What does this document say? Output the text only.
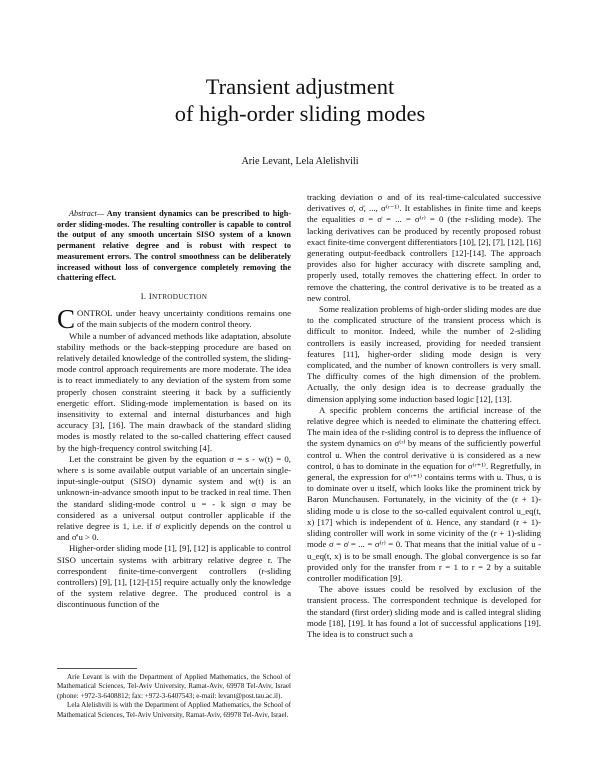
Transient adjustment
of high-order sliding modes
Arie Levant, Lela Alelishvili

Abstract— Any transient dynamics can be prescribed to high-order sliding-modes. The resulting controller is capable to control the output of any smooth uncertain SISO system of a known permanent relative degree and is robust with respect to measurement errors. The control smoothness can be deliberately increased without loss of convergence completely removing the chattering effect.

I. INTRODUCTION

CONTROL under heavy uncertainty conditions remains one of the main subjects of the modern control theory.

While a number of advanced methods like adaptation, absolute stability methods or the back-stepping procedure are based on relatively detailed knowledge of the controlled system, the sliding-mode control approach requirements are more moderate. The idea is to react immediately to any deviation of the system from some properly chosen constraint steering it back by a sufficiently energetic effort. Sliding-mode implementation is based on its insensitivity to external and internal disturbances and high accuracy [3], [16]. The main drawback of the standard sliding modes is mostly related to the so-called chattering effect caused by the high-frequency control switching [4].

Let the constraint be given by the equation σ = s - w(t) = 0, where s is some available output variable of an uncertain single-input-single-output (SISO) dynamic system and w(t) is an unknown-in-advance smooth input to be tracked in real time. Then the standard sliding-mode control u = - k sign σ may be considered as a universal output controller applicable if the relative degree is 1, i.e. if σ̇ explicitly depends on the control u and σ̇′u > 0.

Higher-order sliding mode [1], [9], [12] is applicable to control SISO uncertain systems with arbitrary relative degree r. The correspondent finite-time-convergent controllers (r-sliding controllers) [9], [1], [12]-[15] require actually only the knowledge of the system relative degree. The produced control is a discontinuous function of the

Arie Levant is with the Department of Applied Mathematics, the School of Mathematical Sciences, Tel-Aviv University, Ramat-Aviv, 69978 Tel-Aviv, Israel (phone: +972-3-6408812; fax: +972-3-6407543; e-mail: levant@post.tau.ac.il).

Lela Alelishvili is with the Department of Applied Mathematics, the School of Mathematical Sciences, Tel-Aviv University, Ramat-Aviv, 69978 Tel-Aviv, Israel.

tracking deviation σ and of its real-time-calculated successive derivatives σ̇, σ̈, ..., σ⁽ʳ⁻¹⁾. It establishes in finite time and keeps the equalities σ = σ̇ = ... = σ⁽ʳ⁾ = 0 (the r-sliding mode). The lacking derivatives can be produced by recently proposed robust exact finite-time convergent differentiators [10], [2], [7], [12], [16] generating output-feedback controllers [12]-[14]. The approach provides also for higher accuracy with discrete sampling and, properly used, totally removes the chattering effect. In order to remove the chattering, the control derivative is to be treated as a new control.

Some realization problems of high-order sliding modes are due to the complicated structure of the transient process which is difficult to monitor. Indeed, while the number of 2-sliding controllers is easily increased, providing for needed transient features [11], higher-order sliding mode design is very complicated, and the number of known controllers is very small. The difficulty comes of the high dimension of the problem. Actually, the only design idea is to decrease gradually the dimension applying some induction based logic [12], [13].

A specific problem concerns the artificial increase of the relative degree which is needed to eliminate the chattering effect. The main idea of the r-sliding control is to depress the influence of the system dynamics on σ⁽ʳ⁾ by means of the sufficiently powerful control u. When the control derivative u̇ is considered as a new control, u̇ has to dominate in the equation for σ⁽ʳ⁺¹⁾. Regretfully, in general, the expression for σ⁽ʳ⁺¹⁾ contains terms with u. Thus, u̇ is to dominate over u itself, which looks like the prominent trick by Baron Munchausen. Fortunately, in the vicinity of the (r + 1)-sliding mode u is close to the so-called equivalent control u_eq(t, x) [17] which is independent of u̇. Hence, any standard (r + 1)-sliding controller will work in some vicinity of the (r + 1)-sliding mode σ = σ̇ = ... = σ⁽ʳ⁾ = 0. That means that the initial value of u - u_eq(t, x) is to be small enough. The global convergence is so far provided only for the transfer from r = 1 to r = 2 by a suitable controller modification [9].

The above issues could be resolved by exclusion of the transient process. The correspondent technique is developed for the standard (first order) sliding mode and is called integral sliding mode [18], [19]. It has found a lot of successful applications [19]. The idea is to construct such a
